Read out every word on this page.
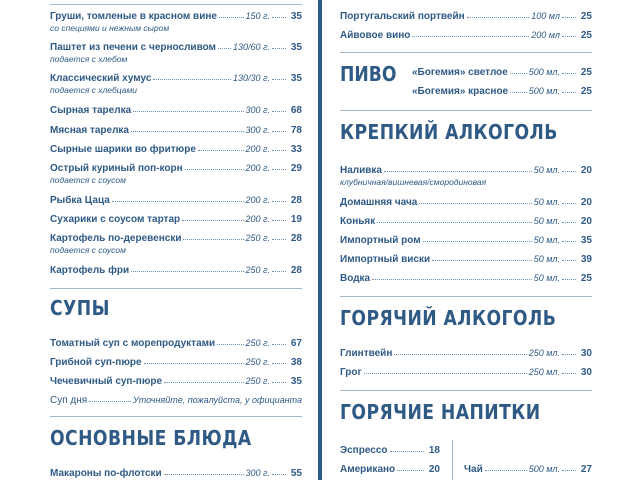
Груши, томленые в красном вине	150 г. 35
со специями и нежным сыром
Паштет из печени с черносливом 130/60 г. 35
подается с хлебом
Классический хумус	130/30 г. 35
подается с хлебцами
Сырная тарелка	300 г. 68
Мясная тарелка	300 г. 78
Сырные шарики во фритюре	200 г. 33
Острый куриный поп-корн	200 г. 29
подается с соусом
Рыбка Цаца	200 г. 28
Сухарики с соусом тартар	200 г. 19
Картофель по-деревенски	250 г. 28
подается с соусом
Картофель фри	250 г. 28
СУПЫ
Томатный суп с морепродуктами	250 г. 67
Грибной суп-пюре	250 г. 38
Чечевичный суп-пюре	250 г. 35
Суп дня	Уточняйте, пожалуйста, у официанта
ОСНОВНЫЕ БЛЮДА
Макароны по-флотски	300 г. 55
Португальский портвейн	100 мл 25
Айвовое вино	200 мл 25
ПИВО «Богемия» светлое 500 мл. 25
«Богемия» красное 500 мл. 25
КРЕПКИЙ АЛКОГОЛЬ
Наливка	50 мл. 20
клубничная/вишневая/смородиновая
Домашняя чача	50 мл. 20
Коньяк	50 мл. 20
Импортный ром	50 мл. 35
Импортный виски	50 мл. 39
Водка	50 мл. 25
ГОРЯЧИЙ АЛКОГОЛЬ
Глинтвейн	250 мл. 30
Грог	250 мл. 30
ГОРЯЧИЕ НАПИТКИ
Эспрессо	18
Американо	20 Чай	500 мл. 27
